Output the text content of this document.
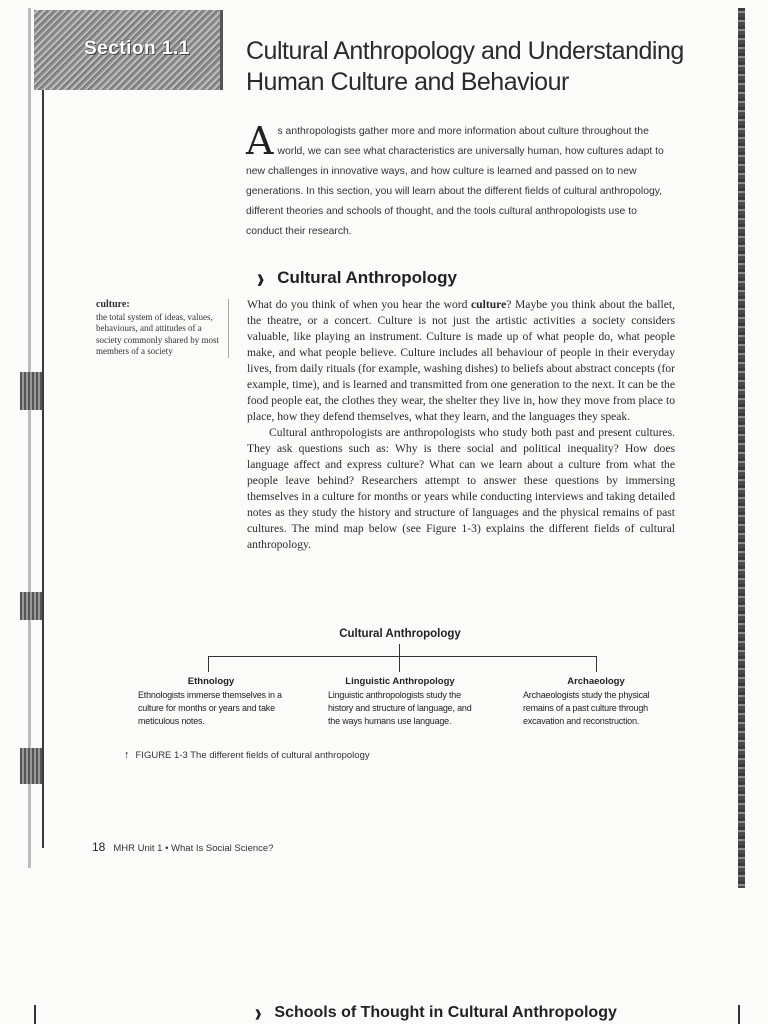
Section 1.1	Cultural Anthropology and Understanding Human Culture and Behaviour
A s anthropologists gather more and more information about culture throughout the world, we can see what characteristics are universally human, how cultures adapt to new challenges in innovative ways, and how culture is learned and passed on to new generations. In this section, you will learn about the different fields of cultural anthropology, different theories and schools of thought, and the tools cultural anthropologists use to conduct their research.
❱ Cultural Anthropology
culture:
the total system of ideas, values, behaviours, and attitudes of a society commonly shared by most members of a society

What do you think of when you hear the word culture? Maybe you think about the ballet, the theatre, or a concert. Culture is not just the artistic activities a society considers valuable, like playing an instrument. Culture is made up of what people do, what people make, and what people believe. Culture includes all behaviour of people in their everyday lives, from daily rituals (for example, washing dishes) to beliefs about abstract concepts (for example, time), and is learned and transmitted from one generation to the next. It can be the food people eat, the clothes they wear, the shelter they live in, how they move from place to place, how they defend themselves, what they learn, and the languages they speak.

Cultural anthropologists are anthropologists who study both past and present cultures. They ask questions such as: Why is there social and political inequality? How does language affect and express culture? What can we learn about a culture from what the people leave behind? Researchers attempt to answer these questions by immersing themselves in a culture for months or years while conducting interviews and taking detailed notes as they study the history and structure of languages and the physical remains of past cultures. The mind map below (see Figure 1-3) explains the different fields of cultural anthropology.

Cultural Anthropology
Ethnology
Ethnologists immerse themselves in a culture for months or years and take meticulous notes.
Linguistic Anthropology
Linguistic anthropologists study the history and structure of language, and the ways humans use language.
Archaeology
Archaeologists study the physical remains of a past culture through excavation and reconstruction.
↑ FIGURE 1-3 The different fields of cultural anthropology
18 MHR Unit 1 • What Is Social Science?
❱ Schools of Thought in Cultural Anthropology
